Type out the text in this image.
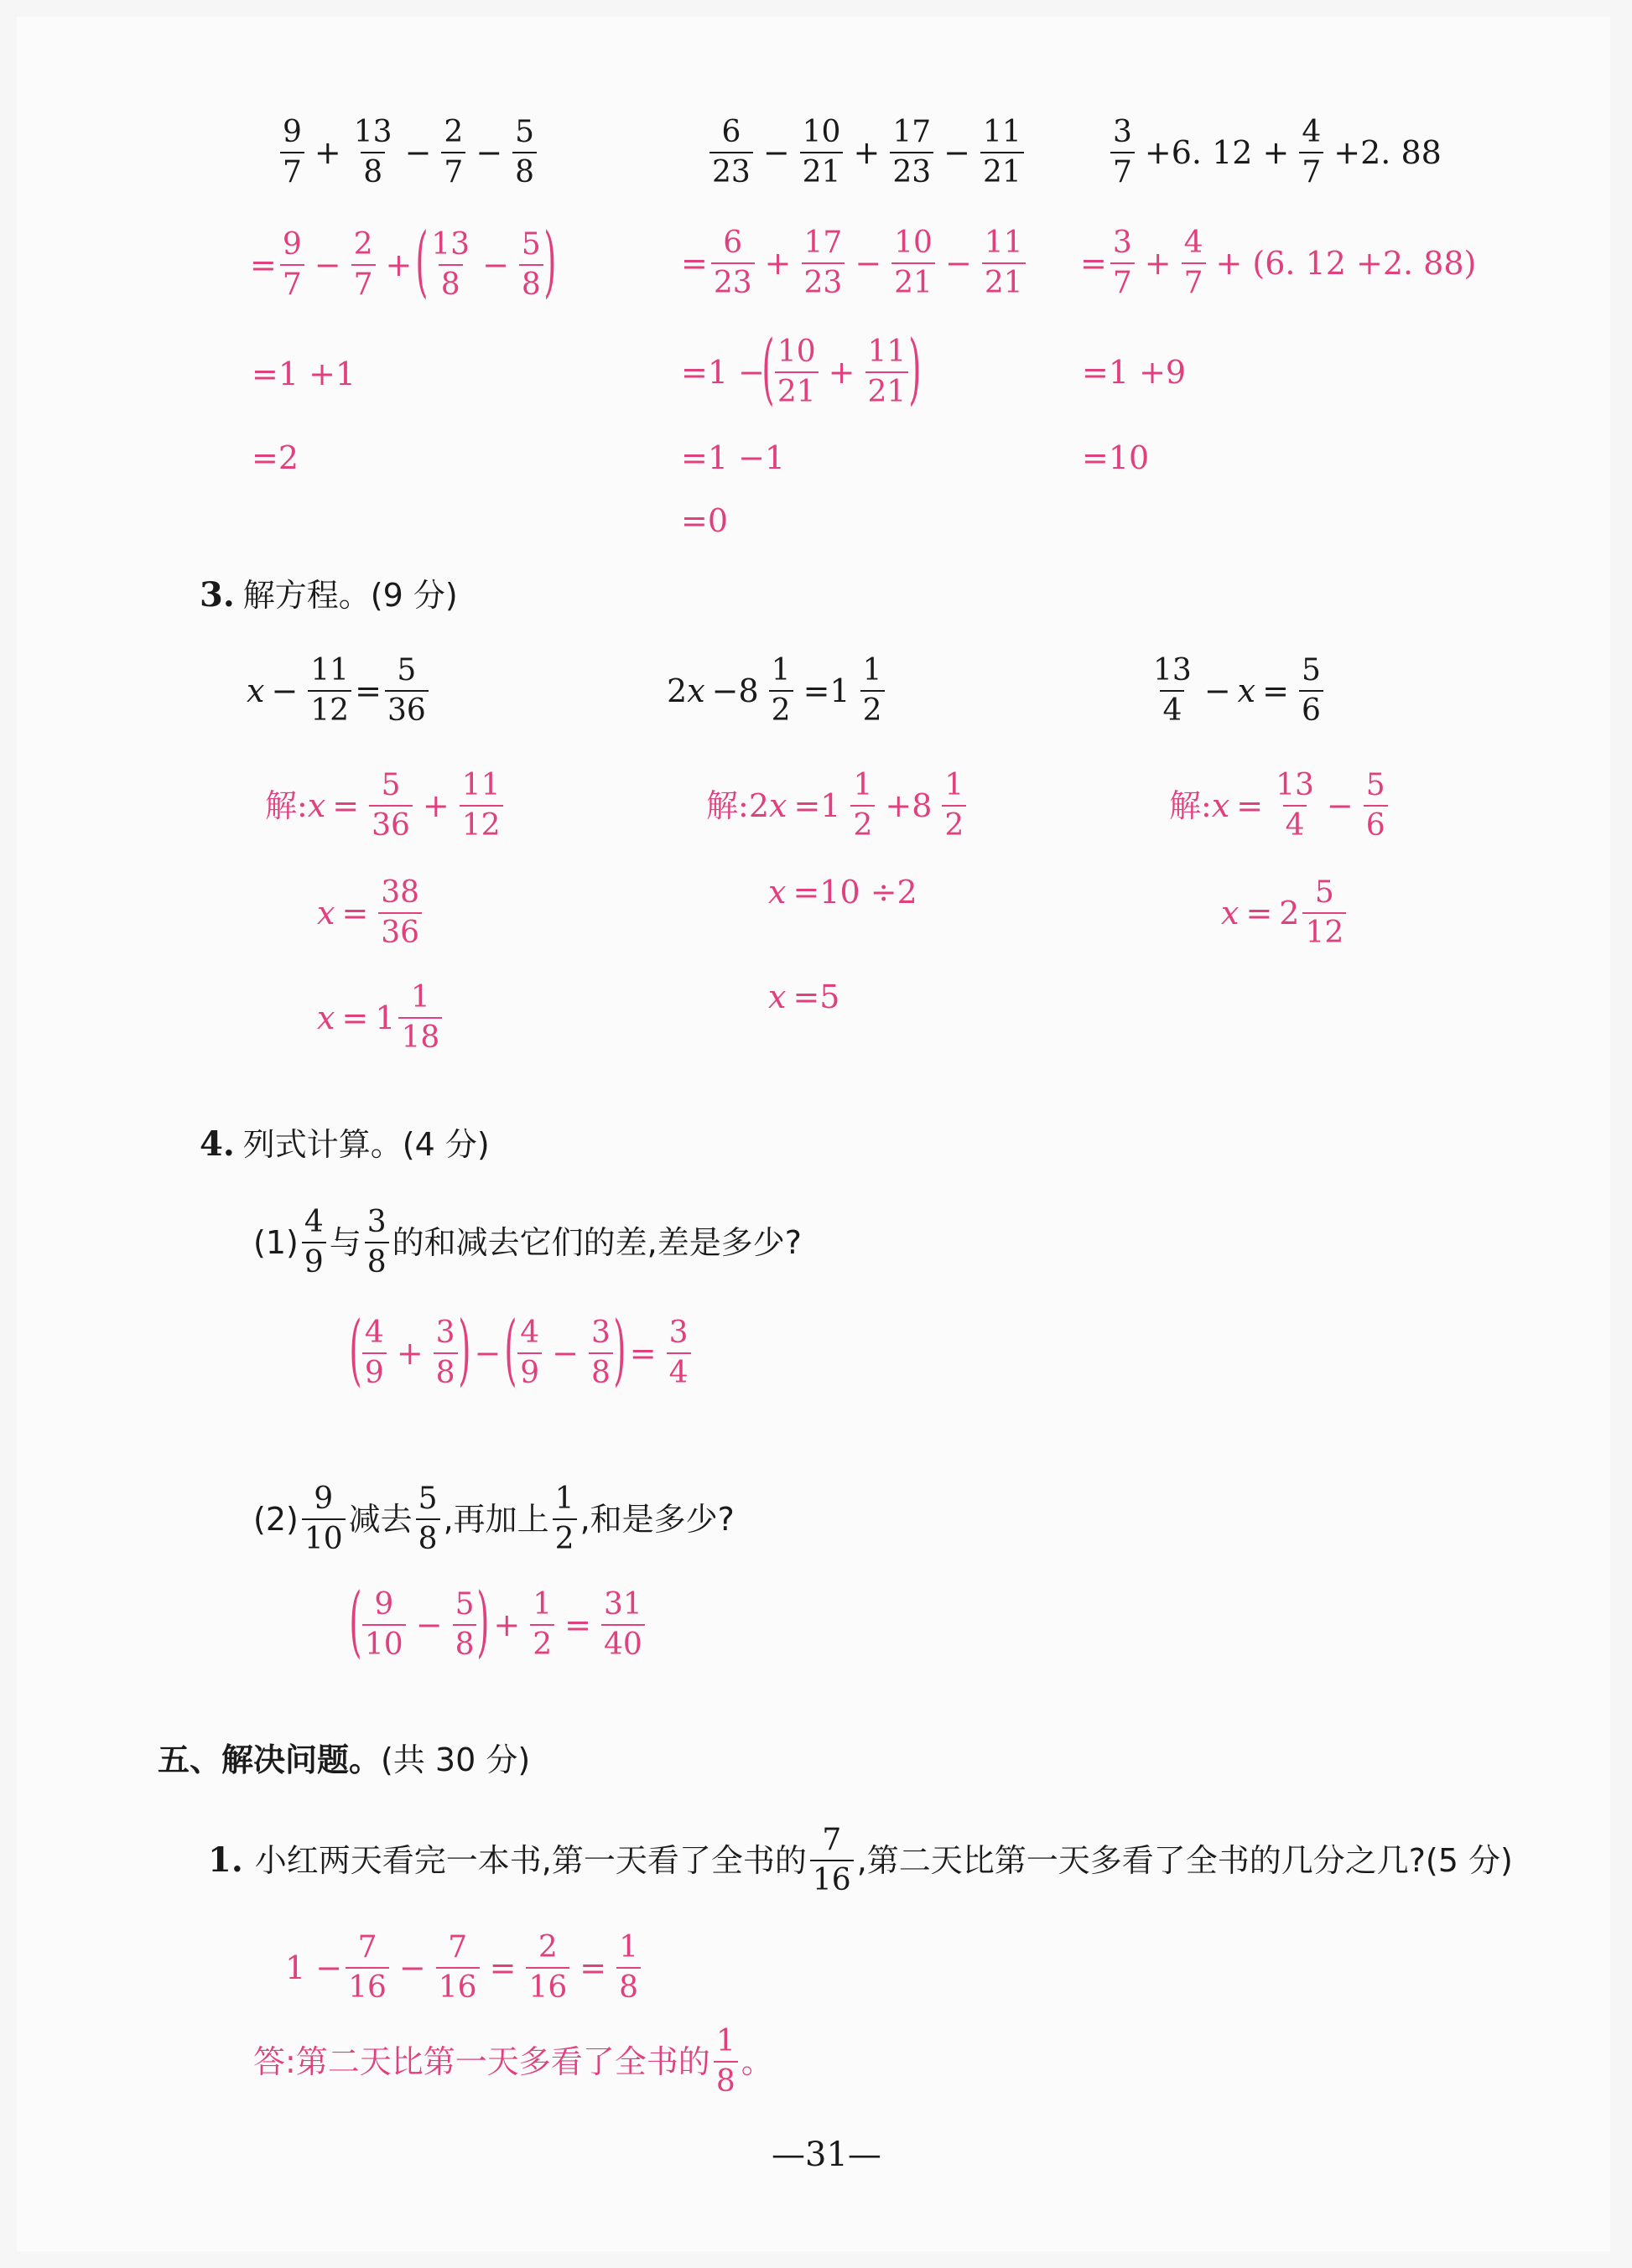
$\frac{9}{7} + \frac{13}{8} - \frac{2}{7} - \frac{5}{8}$
= $\frac{9}{7} - \frac{2}{7}$ + ( $\frac{13}{8} - \frac{5}{8}$ )
=1 +1
=2
$\frac{6}{23} - \frac{10}{21} + \frac{17}{23} - \frac{11}{21}$
= $\frac{6}{23} + \frac{17}{23} - \frac{10}{21} - \frac{11}{21}$
=1 −
( $\frac{10}{21} + \frac{11}{21}$ )
=1 −1
=0
$\frac{3}{7} +6$. $12 + \frac{4}{7} +2$. 88
= $\frac{3}{7} + \frac{4}{7} + (6$. 12 +2. 88)
=1 +9
=10
3 . 解方程。(9 分)
$x - \frac{11}{12} = \frac{5}{36}$
解 : $x = \frac{5}{36} + \frac{11}{12}$
$x = \frac{38}{36}$
$x = 1 \frac{1}{18}$
2 $x -8 \frac{1}{2} =1 \frac{1}{2}$
解 : 2 $x =1 \frac{1}{2} +8 \frac{1}{2}$
x =10 ÷2
x =5
$\frac{13}{4} - x = \frac{5}{6}$
解 : $x = \frac{13}{4} - \frac{5}{6}$
$x = 2 \frac{5}{12}$
4 . 列式计算。(4 分)
$(1) \frac{4}{9}$ 与 $\frac{3}{8}$ 的和减去它们的差,差是多少?
( $\frac{4}{9} + \frac{3}{8}$ ) − ( $\frac{4}{9} - \frac{3}{8}$ ) = $\frac{3}{4}$
$(2) \frac{9}{10}$ 减去 $\frac{5}{8}$ ,再加上 $\frac{1}{2}$ ,和是多少?
( $\frac{9}{10} - \frac{5}{8}$ ) + $\frac{1}{2} = \frac{31}{40}$
五、解决问题。 (共 30 分)
1 . 小红两天看完一本书,第一天看了全书的 $\frac{7}{16}$ ,第二天比第一天多看了全书的几分之几?(5 分)
$1 - \frac{7}{16} - \frac{7}{16} = \frac{2}{16} = \frac{1}{8}$
答:第二天比第一天多看了全书的 $\frac{1}{8}$ 。
—31—
